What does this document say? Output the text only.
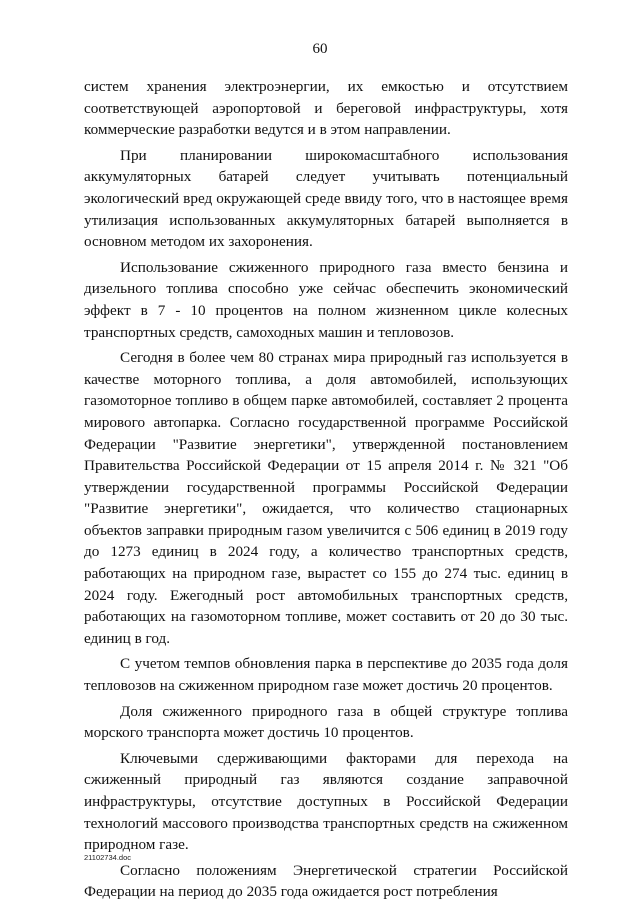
60

систем хранения электроэнергии, их емкостью и отсутствием соответствующей аэропортовой и береговой инфраструктуры, хотя коммерческие разработки ведутся и в этом направлении.

При планировании широкомасштабного использования аккумуляторных батарей следует учитывать потенциальный экологический вред окружающей среде ввиду того, что в настоящее время утилизация использованных аккумуляторных батарей выполняется в основном методом их захоронения.

Использование сжиженного природного газа вместо бензина и дизельного топлива способно уже сейчас обеспечить экономический эффект в 7 - 10 процентов на полном жизненном цикле колесных транспортных средств, самоходных машин и тепловозов.

Сегодня в более чем 80 странах мира природный газ используется в качестве моторного топлива, а доля автомобилей, использующих газомоторное топливо в общем парке автомобилей, составляет 2 процента мирового автопарка. Согласно государственной программе Российской Федерации "Развитие энергетики", утвержденной постановлением Правительства Российской Федерации от 15 апреля 2014 г. № 321 "Об утверждении государственной программы Российской Федерации "Развитие энергетики", ожидается, что количество стационарных объектов заправки природным газом увеличится с 506 единиц в 2019 году до 1273 единиц в 2024 году, а количество транспортных средств, работающих на природном газе, вырастет со 155 до 274 тыс. единиц в 2024 году. Ежегодный рост автомобильных транспортных средств, работающих на газомоторном топливе, может составить от 20 до 30 тыс. единиц в год.

С учетом темпов обновления парка в перспективе до 2035 года доля тепловозов на сжиженном природном газе может достичь 20 процентов.

Доля сжиженного природного газа в общей структуре топлива морского транспорта может достичь 10 процентов.

Ключевыми сдерживающими факторами для перехода на сжиженный природный газ являются создание заправочной инфраструктуры, отсутствие доступных в Российской Федерации технологий массового производства транспортных средств на сжиженном природном газе.

Согласно положениям Энергетической стратегии Российской Федерации на период до 2035 года ожидается рост потребления

21102734.doc
